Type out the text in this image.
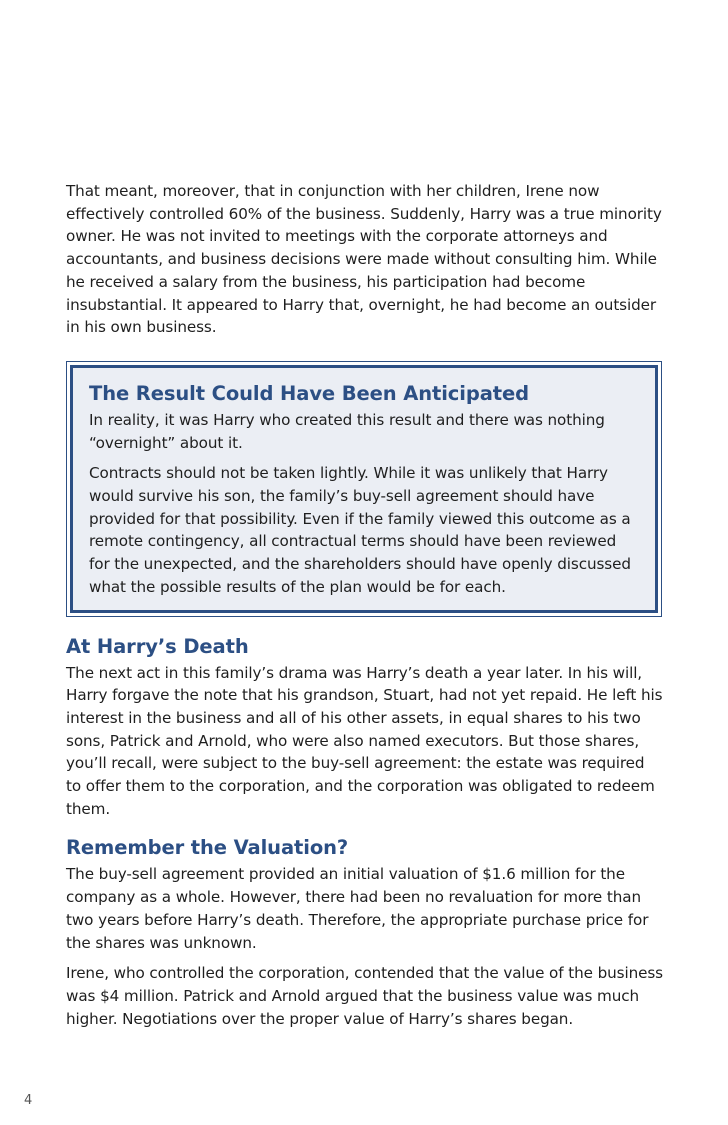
That meant, moreover, that in conjunction with her children, Irene now effectively controlled 60% of the business. Suddenly, Harry was a true minority owner. He was not invited to meetings with the corporate attorneys and accountants, and business decisions were made without consulting him. While he received a salary from the business, his participation had become insubstantial. It appeared to Harry that, overnight, he had become an outsider in his own business.

The Result Could Have Been Anticipated

In reality, it was Harry who created this result and there was nothing “overnight” about it.

Contracts should not be taken lightly. While it was unlikely that Harry would survive his son, the family’s buy-sell agreement should have provided for that possibility. Even if the family viewed this outcome as a remote contingency, all contractual terms should have been reviewed for the unexpected, and the shareholders should have openly discussed what the possible results of the plan would be for each.

At Harry’s Death

The next act in this family’s drama was Harry’s death a year later. In his will, Harry forgave the note that his grandson, Stuart, had not yet repaid. He left his interest in the business and all of his other assets, in equal shares to his two sons, Patrick and Arnold, who were also named executors. But those shares, you’ll recall, were subject to the buy-sell agreement: the estate was required to offer them to the corporation, and the corporation was obligated to redeem them.

Remember the Valuation?

The buy-sell agreement provided an initial valuation of $1.6 million for the company as a whole. However, there had been no revaluation for more than two years before Harry’s death. Therefore, the appropriate purchase price for the shares was unknown.

Irene, who controlled the corporation, contended that the value of the business was $4 million. Patrick and Arnold argued that the business value was much higher. Negotiations over the proper value of Harry’s shares began.

4
